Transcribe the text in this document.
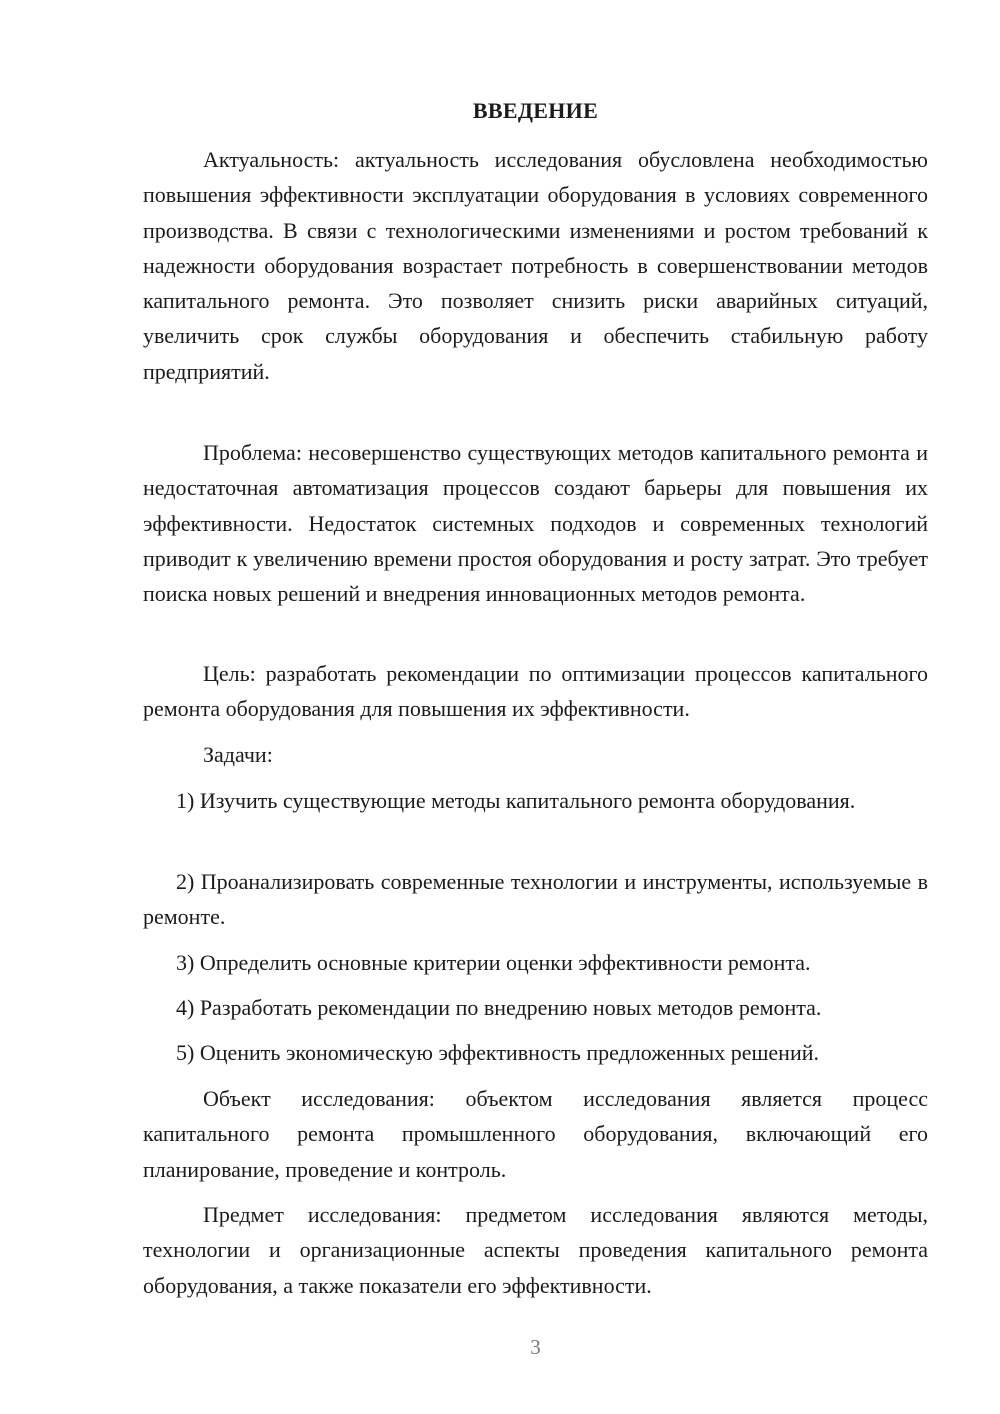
ВВЕДЕНИЕ

Актуальность: актуальность исследования обусловлена необходимостью повышения эффективности эксплуатации оборудования в условиях современного производства. В связи с технологическими изменениями и ростом требований к надежности оборудования возрастает потребность в совершенствовании методов капитального ремонта. Это позволяет снизить риски аварийных ситуаций, увеличить срок службы оборудования и обеспечить стабильную работу предприятий.

Проблема: несовершенство существующих методов капитального ремонта и недостаточная автоматизация процессов создают барьеры для повышения их эффективности. Недостаток системных подходов и современных технологий приводит к увеличению времени простоя оборудования и росту затрат. Это требует поиска новых решений и внедрения инновационных методов ремонта.

Цель: разработать рекомендации по оптимизации процессов капитального ремонта оборудования для повышения их эффективности.

Задачи:

1) Изучить существующие методы капитального ремонта оборудования.

2) Проанализировать современные технологии и инструменты, используемые в ремонте.

3) Определить основные критерии оценки эффективности ремонта.

4) Разработать рекомендации по внедрению новых методов ремонта.

5) Оценить экономическую эффективность предложенных решений.

Объект исследования: объектом исследования является процесс капитального ремонта промышленного оборудования, включающий его планирование, проведение и контроль.

Предмет исследования: предметом исследования являются методы, технологии и организационные аспекты проведения капитального ремонта оборудования, а также показатели его эффективности.

3
